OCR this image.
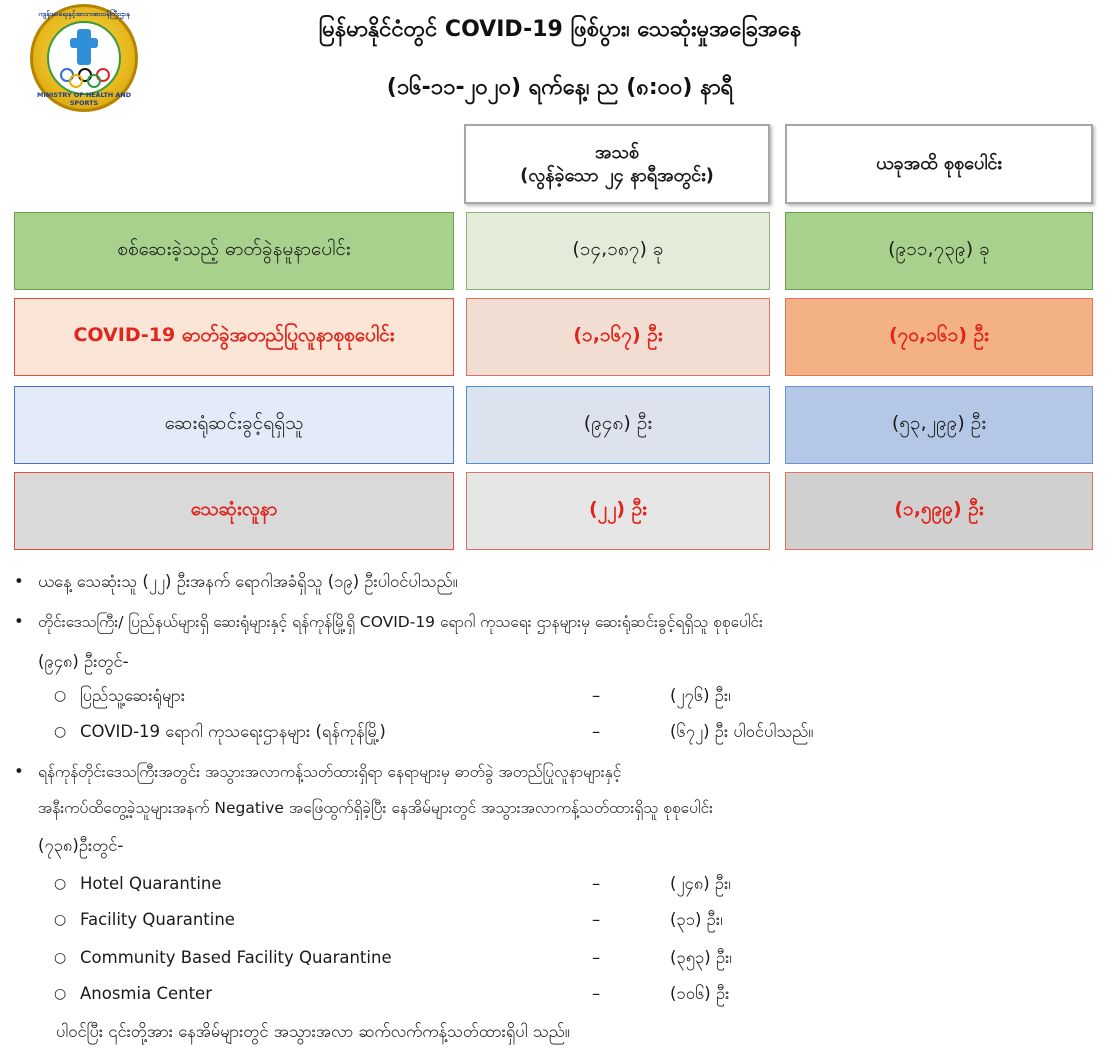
ကျန်းမာရေးနှင့်အားကစားဝန်ကြီးဌာန
MINISTRY OF HEALTH AND SPORTS
မြန်မာနိုင်ငံတွင် COVID-19 ဖြစ်ပွား၊ သေဆုံးမှုအခြေအနေ
(၁၆-၁၁-၂၀၂၀) ရက်နေ့၊ ည (၈:၀၀) နာရီ
အသစ်
(လွန်ခဲ့သော ၂၄ နာရီအတွင်း)
ယခုအထိ စုစုပေါင်း
စစ်ဆေးခဲ့သည့် ဓာတ်ခွဲနမူနာပေါင်း	(၁၄,၁၈၇) ခု	(၉၁၁,၇၃၉) ခု
COVID-19 ဓာတ်ခွဲအတည်ပြုလူနာစုစုပေါင်း	(၁,၁၆၇) ဦး	(၇၀,၁၆၁) ဦး
ဆေးရုံဆင်းခွင့်ရရှိသူ	(၉၄၈) ဦး	(၅၃,၂၉၉) ဦး
သေဆုံးလူနာ	(၂၂) ဦး	(၁,၅၉၉) ဦး
• ယနေ့ သေဆုံးသူ (၂၂) ဦးအနက် ရောဂါအခံရှိသူ (၁၉) ဦးပါဝင်ပါသည်။
• တိုင်းဒေသကြီး/ ပြည်နယ်များရှိ ဆေးရုံများနှင့် ရန်ကုန်မြို့ရှိ COVID-19 ရောဂါ ကုသရေး ဌာနများမှ ဆေးရုံဆင်းခွင့်ရရှိသူ စုစုပေါင်း
(၉၄၈) ဦးတွင်-
○ ပြည်သူ့ဆေးရုံများ	–	(၂၇၆) ဦး၊
○ COVID-19 ရောဂါ ကုသရေးဌာနများ (ရန်ကုန်မြို့)	–	(၆၇၂) ဦး ပါဝင်ပါသည်။
• ရန်ကုန်တိုင်းဒေသကြီးအတွင်း အသွားအလာကန့်သတ်ထားရှိရာ နေရာများမှ ဓာတ်ခွဲ အတည်ပြုလူနာများနှင့်
အနီးကပ်ထိတွေ့ခဲ့သူများအနက် Negative အဖြေထွက်ရှိခဲ့ပြီး နေအိမ်များတွင် အသွားအလာကန့်သတ်ထားရှိသူ စုစုပေါင်း
(၇၃၈)ဦးတွင်-
○ Hotel Quarantine	–	(၂၄၈) ဦး၊
○ Facility Quarantine	–	(၃၁) ဦး၊
○ Community Based Facility Quarantine	–	(၃၅၃) ဦး၊
○ Anosmia Center	–	(၁၀၆) ဦး
ပါဝင်ပြီး ၎င်းတို့အား နေအိမ်များတွင် အသွားအလာ ဆက်လက်ကန့်သတ်ထားရှိပါ သည်။
